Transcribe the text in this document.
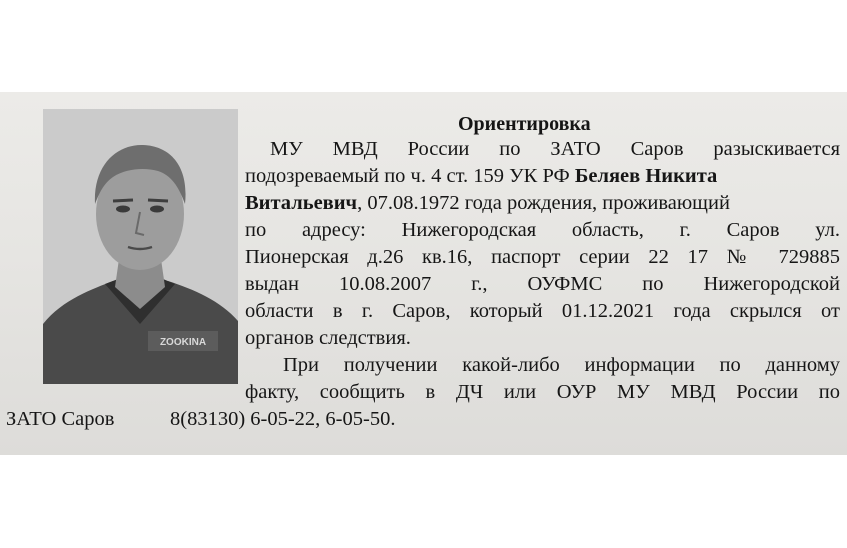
ZOOKINA
Ориентировка
МУ МВД России по ЗАТО Саров разыскивается
подозреваемый по ч. 4 ст. 159 УК РФ Беляев Никита
Витальевич, 07.08.1972 года рождения, проживающий
по адресу: Нижегородская область, г. Саров ул.
Пионерская д.26 кв.16, паспорт серии 22 17 № 729885
выдан 10.08.2007 г., ОУФМС по Нижегородской
области в г. Саров, который 01.12.2021 года скрылся от
органов следствия.
При получении какой-либо информации по данному
факту, сообщить в ДЧ или ОУР МУ МВД России по
ЗАТО Саров	8(83130) 6-05-22, 6-05-50.
